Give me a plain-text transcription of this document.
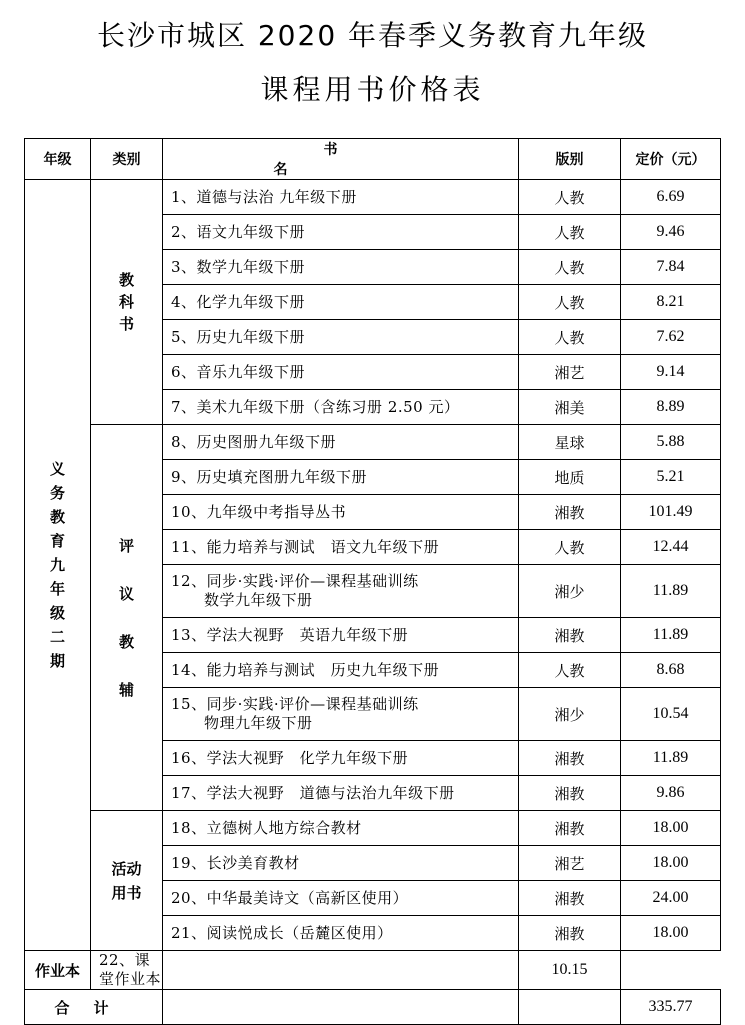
长沙市城区 2020 年春季义务教育九年级
课程用书价格表
年级	类别	书名	版别	定价（元）
义务教育九年级二期	教科书	1、道德与法治 九年级下册	人教	6.69
		2、语文九年级下册	人教	9.46
		3、数学九年级下册	人教	7.84
		4、化学九年级下册	人教	8.21
		5、历史九年级下册	人教	7.62
		6、音乐九年级下册	湘艺	9.14
		7、美术九年级下册（含练习册 2.50 元）	湘美	8.89
	评议教辅	8、历史图册九年级下册	星球	5.88
		9、历史填充图册九年级下册	地质	5.21
		10、九年级中考指导丛书	湘教	101.49
		11、能力培养与测试　语文九年级下册	人教	12.44
		12、同步·实践·评价—课程基础训练
数学九年级下册	湘少	11.89
		13、学法大视野　英语九年级下册	湘教	11.89
		14、能力培养与测试　历史九年级下册	人教	8.68
		15、同步·实践·评价—课程基础训练
物理九年级下册	湘少	10.54
		16、学法大视野　化学九年级下册	湘教	11.89
		17、学法大视野　道德与法治九年级下册	湘教	9.86
	活动用书	18、立德树人地方综合教材	湘教	18.00
		19、长沙美育教材	湘艺	18.00
		20、中华最美诗文（高新区使用）	湘教	24.00
		21、阅读悦成长（岳麓区使用）	湘教	18.00
作业本	22、课堂作业本		10.15	
合计				335.77
